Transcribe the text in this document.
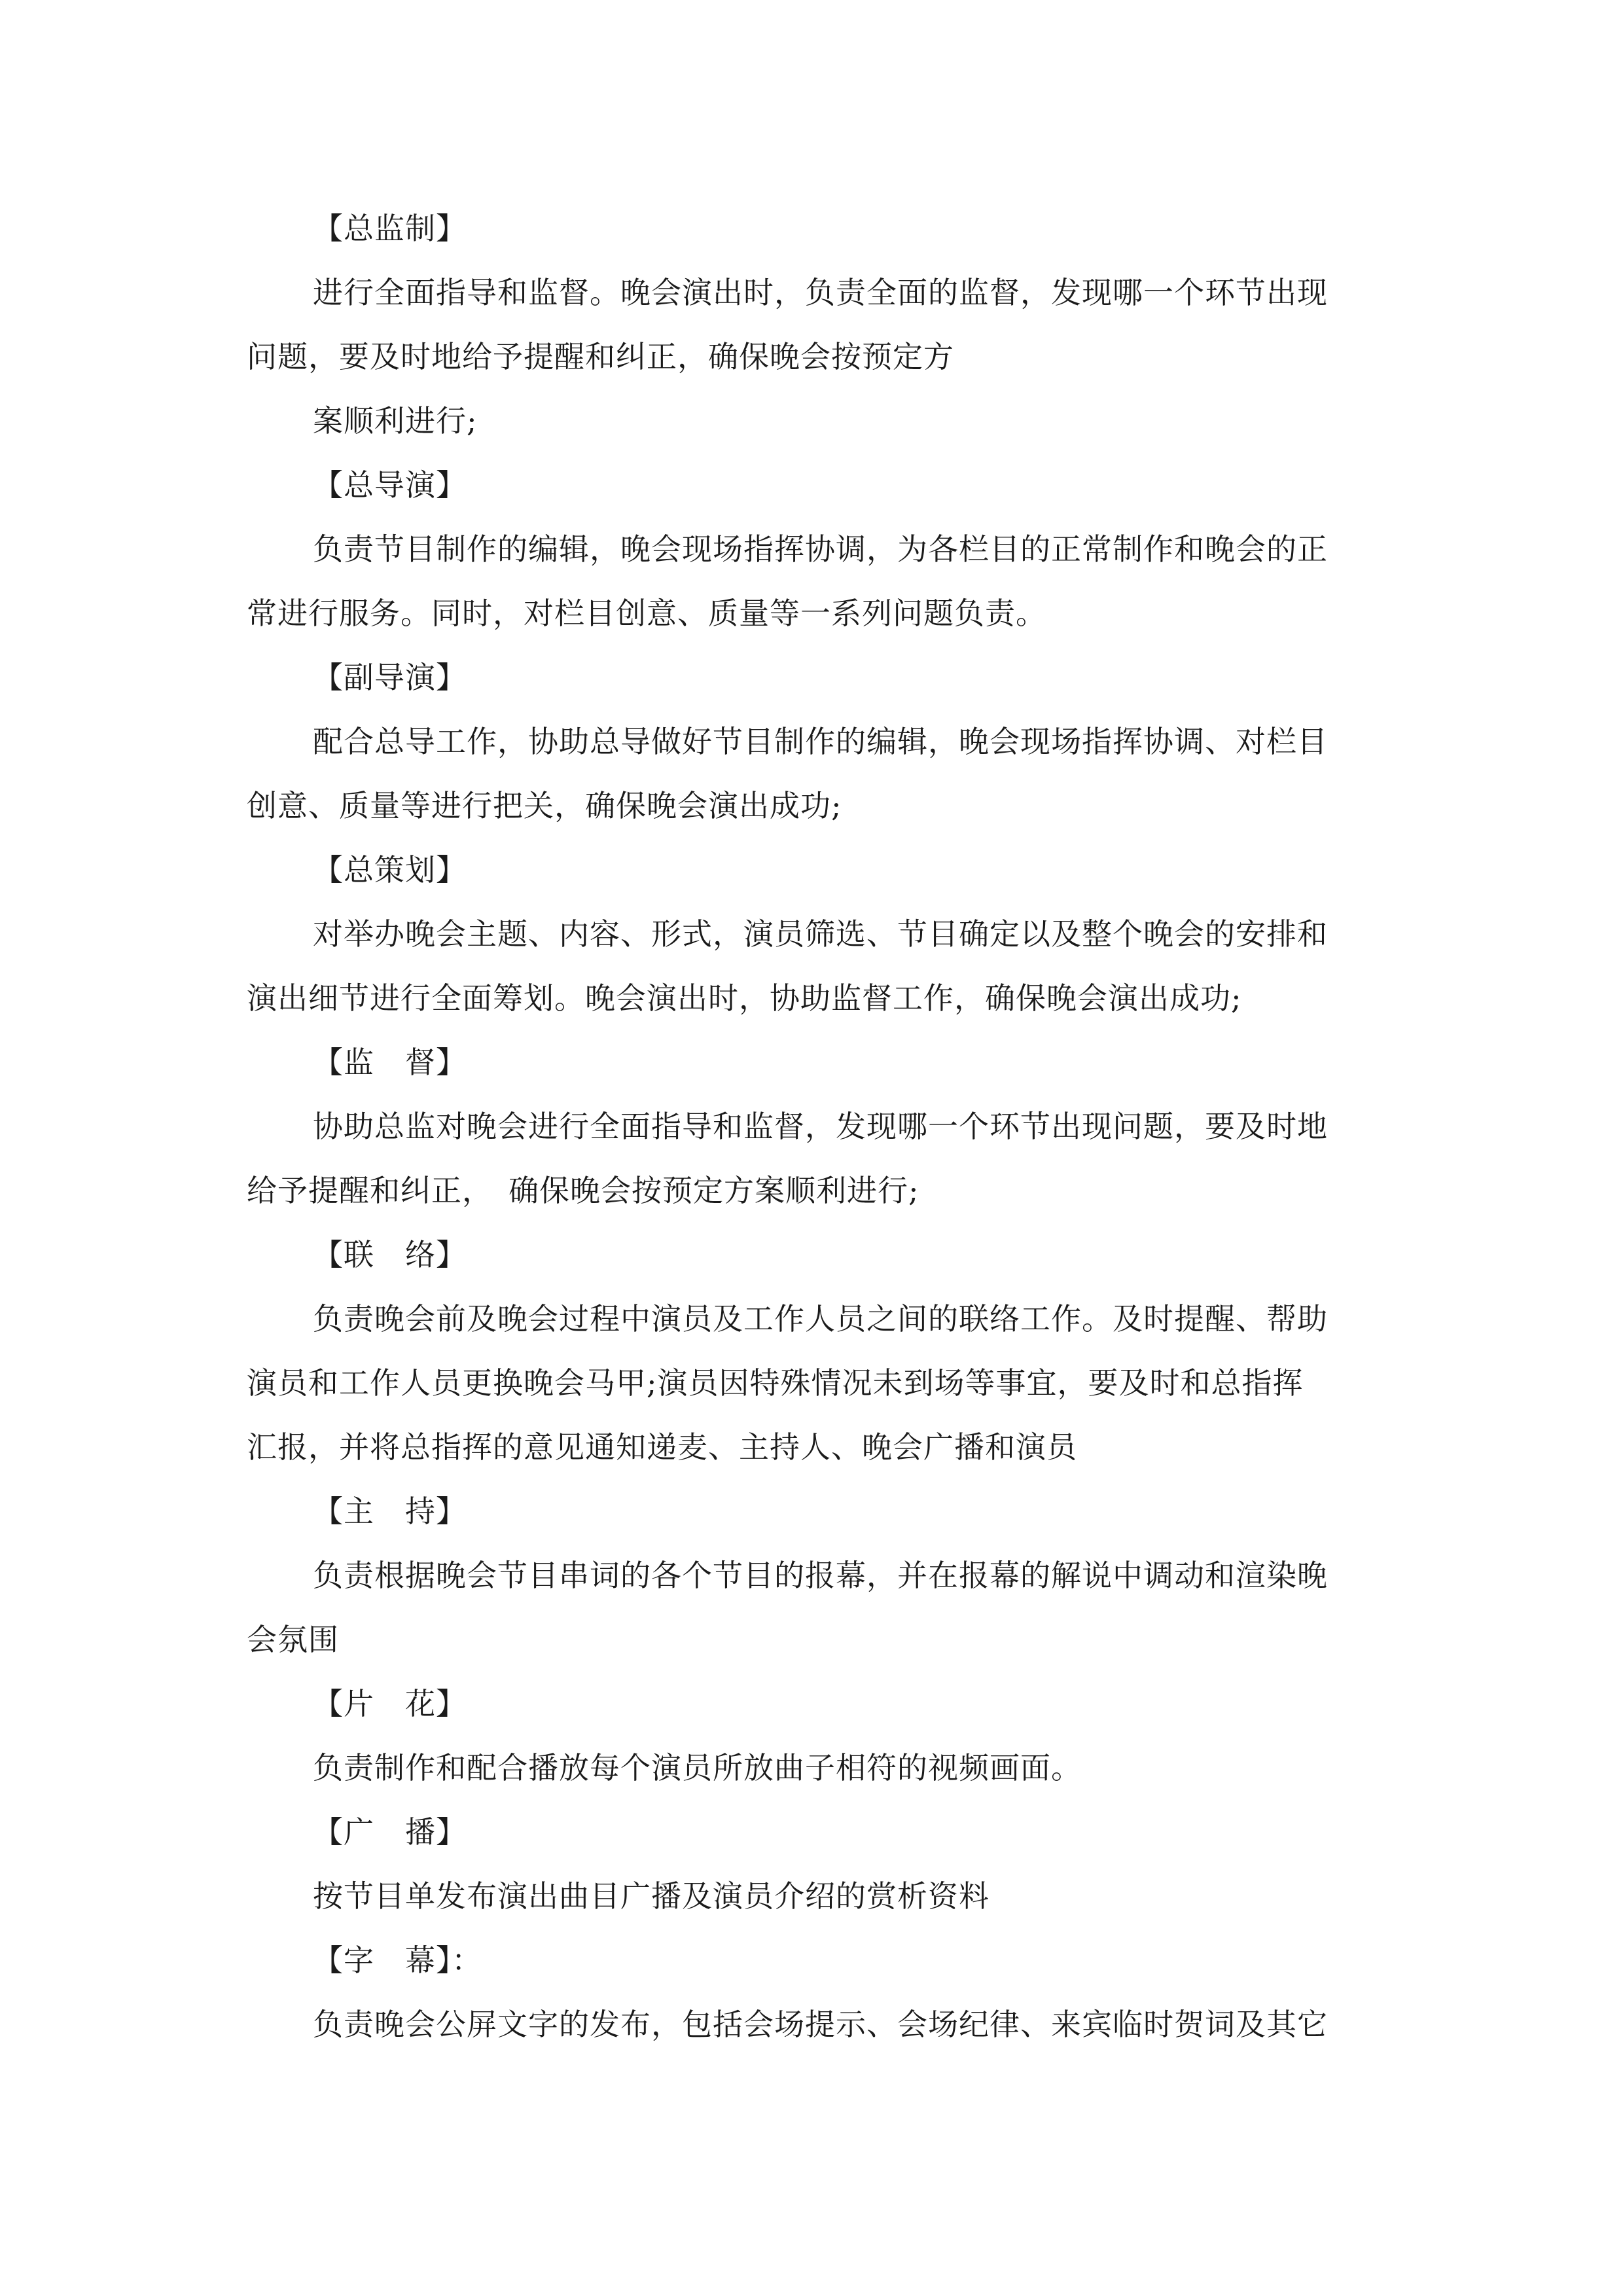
【总监制】
进行全面指导和监督。晚会演出时，负责全面的监督，发现哪一个环节出现
问题，要及时地给予提醒和纠正，确保晚会按预定方
案顺利进行;
【总导演】
负责节目制作的编辑，晚会现场指挥协调，为各栏目的正常制作和晚会的正
常进行服务。同时，对栏目创意、质量等一系列问题负责。
【副导演】
配合总导工作，协助总导做好节目制作的编辑，晚会现场指挥协调、对栏目
创意、质量等进行把关，确保晚会演出成功;
【总策划】
对举办晚会主题、内容、形式，演员筛选、节目确定以及整个晚会的安排和
演出细节进行全面筹划。晚会演出时，协助监督工作，确保晚会演出成功;
【监　督】
协助总监对晚会进行全面指导和监督，发现哪一个环节出现问题，要及时地
给予提醒和纠正，　确保晚会按预定方案顺利进行;
【联　络】
负责晚会前及晚会过程中演员及工作人员之间的联络工作。及时提醒、帮助
演员和工作人员更换晚会马甲;演员因特殊情况未到场等事宜，要及时和总指挥
汇报，并将总指挥的意见通知递麦、主持人、晚会广播和演员
【主　持】
负责根据晚会节目串词的各个节目的报幕，并在报幕的解说中调动和渲染晚
会氛围
【片　花】
负责制作和配合播放每个演员所放曲子相符的视频画面。
【广　播】
按节目单发布演出曲目广播及演员介绍的赏析资料
【字　幕】：
负责晚会公屏文字的发布，包括会场提示、会场纪律、来宾临时贺词及其它
